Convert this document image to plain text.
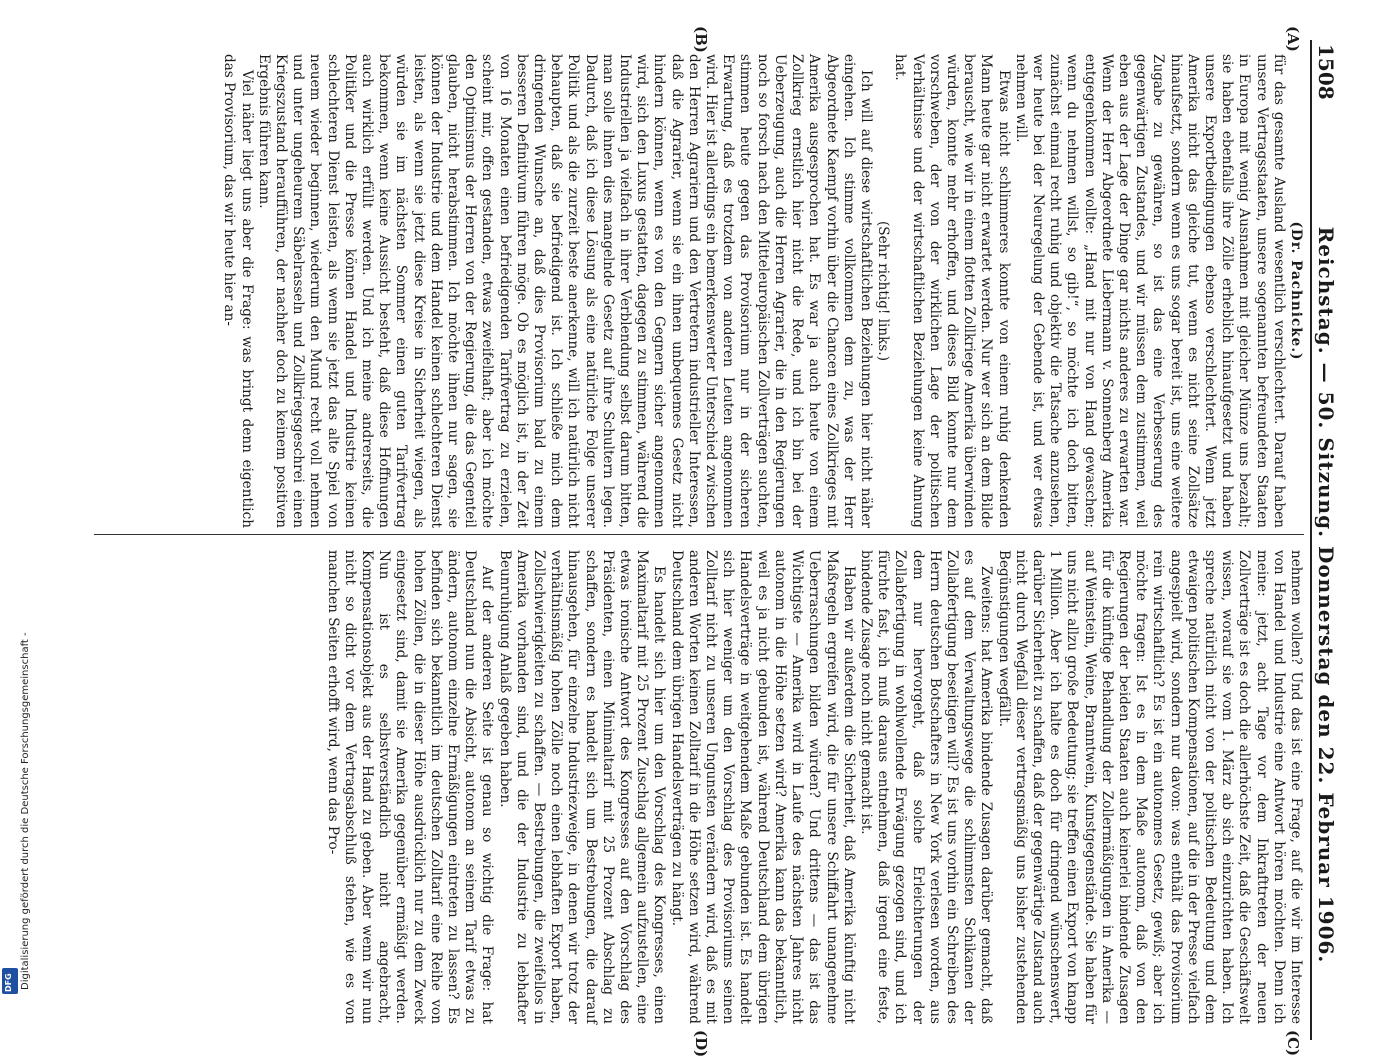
1508
Reichstag. — 50. Sitzung. Donnerstag den 22. Februar 1906.
(A)
(B)
(C)
(D)

(Dr. Pachnicke.)

für das gesamte Ausland wesentlich verschlechtert. Darauf haben unsere Vertragsstaaten, unsere sogenannten befreundeten Staaten in Europa mit wenig Ausnahmen mit gleicher Münze uns bezahlt; sie haben ebenfalls ihre Zölle erheblich hinaufgesetzt und haben unsere Exportbedingungen ebenso verschlechtert. Wenn jetzt Amerika nicht das gleiche tut, wenn es nicht seine Zollsätze hinaufsetzt, sondern wenn es uns sogar bereit ist, uns eine weitere Zugabe zu gewähren, so ist das eine Verbesserung des gegenwärtigen Zustandes, und wir müssen dem zustimmen, weil eben aus der Lage der Dinge gar nichts anderes zu erwarten war. Wenn der Herr Abgeordnete Liebermann v. Sonnenberg Amerika entgegenkommen wollte: „Hand mit nur von Hand gewaschen; wenn du nehmen willst, so gib!“, so möchte ich doch bitten, zunächst einmal recht ruhig und objektiv die Tatsache anzusehen, wer heute bei der Neuregelung der Gebende ist, und wer etwas nehmen will.

Etwas nicht schlimmeres konnte von einem ruhig denkenden Mann heute gar nicht erwartet werden. Nur wer sich an dem Bilde berauscht, wie wir in einem flotten Zollkriege Amerika überwinden würden, konnte mehr erhoffen, und dieses Bild konnte nur dem vorschweben, der von der wirklichen Lage der politischen Verhältnisse und der wirtschaftlichen Beziehungen keine Ahnung hat.

(Sehr richtig! links.)

Ich will auf diese wirtschaftlichen Beziehungen hier nicht näher eingehen. Ich stimme vollkommen dem zu, was der Herr Abgeordnete Kaempf vorhin über die Chancen eines Zollkrieges mit Amerika ausgesprochen hat. Es war ja auch heute von einem Zollkrieg ernstlich hier nicht die Rede, und ich bin bei der Ueberzeugung, auch die Herren Agrarier, die in den Regierungen noch so forsch nach den Mitteleuropäischen Zollverträgen suchten, stimmen heute gegen das Provisorium nur in der sicheren Erwartung, daß es trotzdem von anderen Leuten angenommen wird. Hier ist allerdings ein bemerkenswerter Unterschied zwischen den Herren Agrariern und den Vertretern industrieller Interessen, daß die Agrarier, wenn sie ein ihnen unbequemes Gesetz nicht hindern können, wenn es von den Gegnern sicher angenommen wird, sich den Luxus gestatten, dagegen zu stimmen, während die Industriellen ja vielfach in ihrer Verblendung selbst darum bitten, man solle ihnen dies mangelnde Gesetz auf ihre Schultern legen. Dadurch, daß ich diese Lösung als eine natürliche Folge unserer Politik und als die zurzeit beste anerkenne, will ich natürlich nicht behaupten, daß sie befriedigend ist. Ich schließe mich dem dringenden Wunsche an, daß dies Provisorium bald zu einem besseren Definitivum führen möge. Ob es möglich ist, in der Zeit von 16 Monaten einen befriedigenden Tarifvertrag zu erzielen, scheint mir, offen gestanden, etwas zweifelhaft; aber ich möchte den Optimismus der Herren von der Regierung, die das Gegenteil glauben, nicht herabstimmen. Ich möchte ihnen nur sagen, sie können der Industrie und dem Handel keinen schlechteren Dienst leisten, als wenn sie jetzt diese Kreise in Sicherheit wiegen, als würden sie im nächsten Sommer einen guten Tarifvertrag bekommen, wenn keine Aussicht besteht, daß diese Hoffnungen auch wirklich erfüllt werden. Und ich meine andrerseits, die Politiker und die Presse können Handel und Industrie keinen schlechteren Dienst leisten, als wenn sie jetzt das alte Spiel von neuem wieder beginnen, wiederum den Mund recht voll nehmen und unter ungeheurem Säbelrasseln und Zollkriegsgeschrei einen Kriegszustand heraufführen, der nachher doch zu keinem positiven Ergebnis führen kann.

Viel näher liegt uns aber die Frage: was bringt denn eigentlich das Provisorium, das wir heute hier an-

nehmen wollen? Und das ist eine Frage, auf die wir im Interesse von Handel und Industrie eine Antwort hören möchten. Denn ich meine: jetzt, acht Tage vor dem Inkrafttreten der neuen Zollverträge ist es doch die allerhöchste Zeit, daß die Geschäftswelt wissen, worauf sie vom 1. März ab sich einzurichten haben. Ich spreche natürlich nicht von der politischen Bedeutung und dem etwaigen politischen Kompensationen, auf die in der Presse vielfach angespielt wird, sondern nur davon: was enthält das Provisorium rein wirtschaftlich? Es ist ein autonomes Gesetz, gewiß; aber ich möchte fragen: Ist es in dem Maße autonom, daß von den Regierungen der beiden Staaten auch keinerlei bindende Zusagen für die künftige Behandlung der Zollermäßigungen in Amerika — auf Weinstein, Weine, Branntwein, Kunstgegenstände. Sie haben für uns nicht allzu große Bedeutung; sie treffen einen Export von knapp 1 Million. Aber ich halte es doch für dringend wünschenswert, darüber Sicherheit zu schaffen, daß der gegenwärtige Zustand auch nicht durch Wegfall dieser vertragsmäßig uns bisher zustehenden Begünstigungen wegfällt.

Zweitens: hat Amerika bindende Zusagen darüber gemacht, daß es auf dem Verwaltungswege die schlimmsten Schikanen der Zollabfertigung beseitigen will? Es ist uns vorhin ein Schreiben des Herrn deutschen Botschafters in New York verlesen worden, aus dem nur hervorgeht, daß solche Erleichterungen der Zollabfertigung in wohlwollende Erwägung gezogen sind, und ich fürchte fast, ich muß daraus entnehmen, daß irgend eine feste, bindende Zusage noch nicht gemacht ist.

Haben wir außerdem die Sicherheit, daß Amerika künftig nicht Maßregeln ergreifen wird, die für unsere Schiffahrt unangenehme Ueberraschungen bilden würden? Und drittens — das ist das Wichtigste — Amerika wird in Laufe des nächsten Jahres nicht autonom in die Höhe setzen wird? Amerika kann das bekanntlich, weil es ja nicht gebunden ist, während Deutschland dem übrigen Handelsverträge in weitgehendem Maße gebunden ist. Es handelt sich hier weniger um den Vorschlag des Provisoriums seinen Zolltarif nicht zu unseren Ungunsten verändern wird, daß es mit anderen Worten keinen Zolltarif in die Höhe setzen wird, während Deutschland dem übrigen Handelsverträgen zu hängt.

Es handelt sich hier um den Vorschlag des Kongresses, einen Maximaltarif mit 25 Prozent Zuschlag allgemein aufzustellen, eine etwas ironische Antwort des Kongresses auf den Vorschlag des Präsidenten, einen Minimaltarif mit 25 Prozent Abschlag zu schaffen, sondern es handelt sich um Bestrebungen, die darauf hinausgehen, für einzelne Industriezweige, in denen wir trotz der verhältnismäßig hohen Zölle noch einen lebhaften Export haben, Zollschwierigkeiten zu schaffen. — Bestrebungen, die zweifellos in Amerika vorhanden sind, und die der Industrie zu lebhafter Beunruhigung Anlaß gegeben haben.

Auf der anderen Seite ist genau so wichtig die Frage: hat Deutschland nun die Absicht, autonom an seinem Tarif etwas zu ändern, autonom einzelne Ermäßigungen eintreten zu lassen? Es befinden sich bekanntlich im deutschen Zolltarif eine Reihe von hohen Zöllen, die in dieser Höhe ausdrücklich nur zu dem Zweck eingesetzt sind, damit sie Amerika gegenüber ermäßigt werden. Nun ist es selbstverständlich nicht angebracht, Kompensationsobjekt aus der Hand zu geben. Aber wenn wir nun nicht so dicht vor dem Vertragsabschluß stehen, wie es von manchen Seiten erhofft wird, wenn das Pro-

Digitalisierung gefördert durch die Deutsche Forschungsgemeinschaft -
DFG
